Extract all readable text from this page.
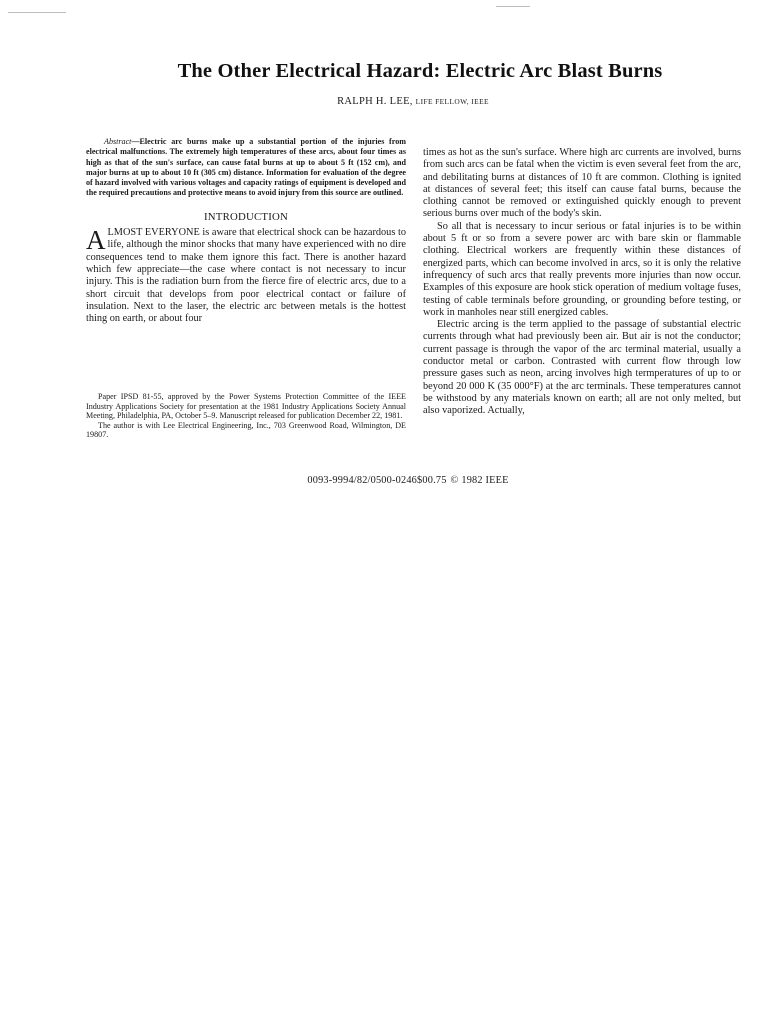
The Other Electrical Hazard: Electric Arc Blast Burns
RALPH H. LEE, LIFE FELLOW, IEEE

Abstract—Electric arc burns make up a substantial portion of the injuries from electrical malfunctions. The extremely high temperatures of these arcs, about four times as high as that of the sun's surface, can cause fatal burns at up to about 5 ft (152 cm), and major burns at up to about 10 ft (305 cm) distance. Information for evaluation of the degree of hazard involved with various voltages and capacity ratings of equipment is developed and the required precautions and protective means to avoid injury from this source are outlined.

INTRODUCTION

ALMOST EVERYONE is aware that electrical shock can be hazardous to life, although the minor shocks that many have experienced with no dire consequences tend to make them ignore this fact. There is another hazard which few appreciate—the case where contact is not necessary to incur injury. This is the radiation burn from the fierce fire of electric arcs, due to a short circuit that develops from poor electrical contact or failure of insulation. Next to the laser, the electric arc between metals is the hottest thing on earth, or about four

Paper IPSD 81-55, approved by the Power Systems Protection Committee of the IEEE Industry Applications Society for presentation at the 1981 Industry Applications Society Annual Meeting, Philadelphia, PA, October 5–9. Manuscript released for publication December 22, 1981.

The author is with Lee Electrical Engineering, Inc., 703 Greenwood Road, Wilmington, DE 19807.

times as hot as the sun's surface. Where high arc currents are involved, burns from such arcs can be fatal when the victim is even several feet from the arc, and debilitating burns at distances of 10 ft are common. Clothing is ignited at distances of several feet; this itself can cause fatal burns, because the clothing cannot be removed or extinguished quickly enough to prevent serious burns over much of the body's skin.

So all that is necessary to incur serious or fatal injuries is to be within about 5 ft or so from a severe power arc with bare skin or flammable clothing. Electrical workers are frequently within these distances of energized parts, which can become involved in arcs, so it is only the relative infrequency of such arcs that really prevents more injuries than now occur. Examples of this exposure are hook stick operation of medium voltage fuses, testing of cable terminals before grounding, or grounding before testing, or work in manholes near still energized cables.

Electric arcing is the term applied to the passage of substantial electric currents through what had previously been air. But air is not the conductor; current passage is through the vapor of the arc terminal material, usually a conductor metal or carbon. Contrasted with current flow through low pressure gases such as neon, arcing involves high termperatures of up to or beyond 20 000 K (35 000°F) at the arc terminals. These temperatures cannot be withstood by any materials known on earth; all are not only melted, but also vaporized. Actually,

0093-9994/82/0500-0246$00.75 © 1982 IEEE
